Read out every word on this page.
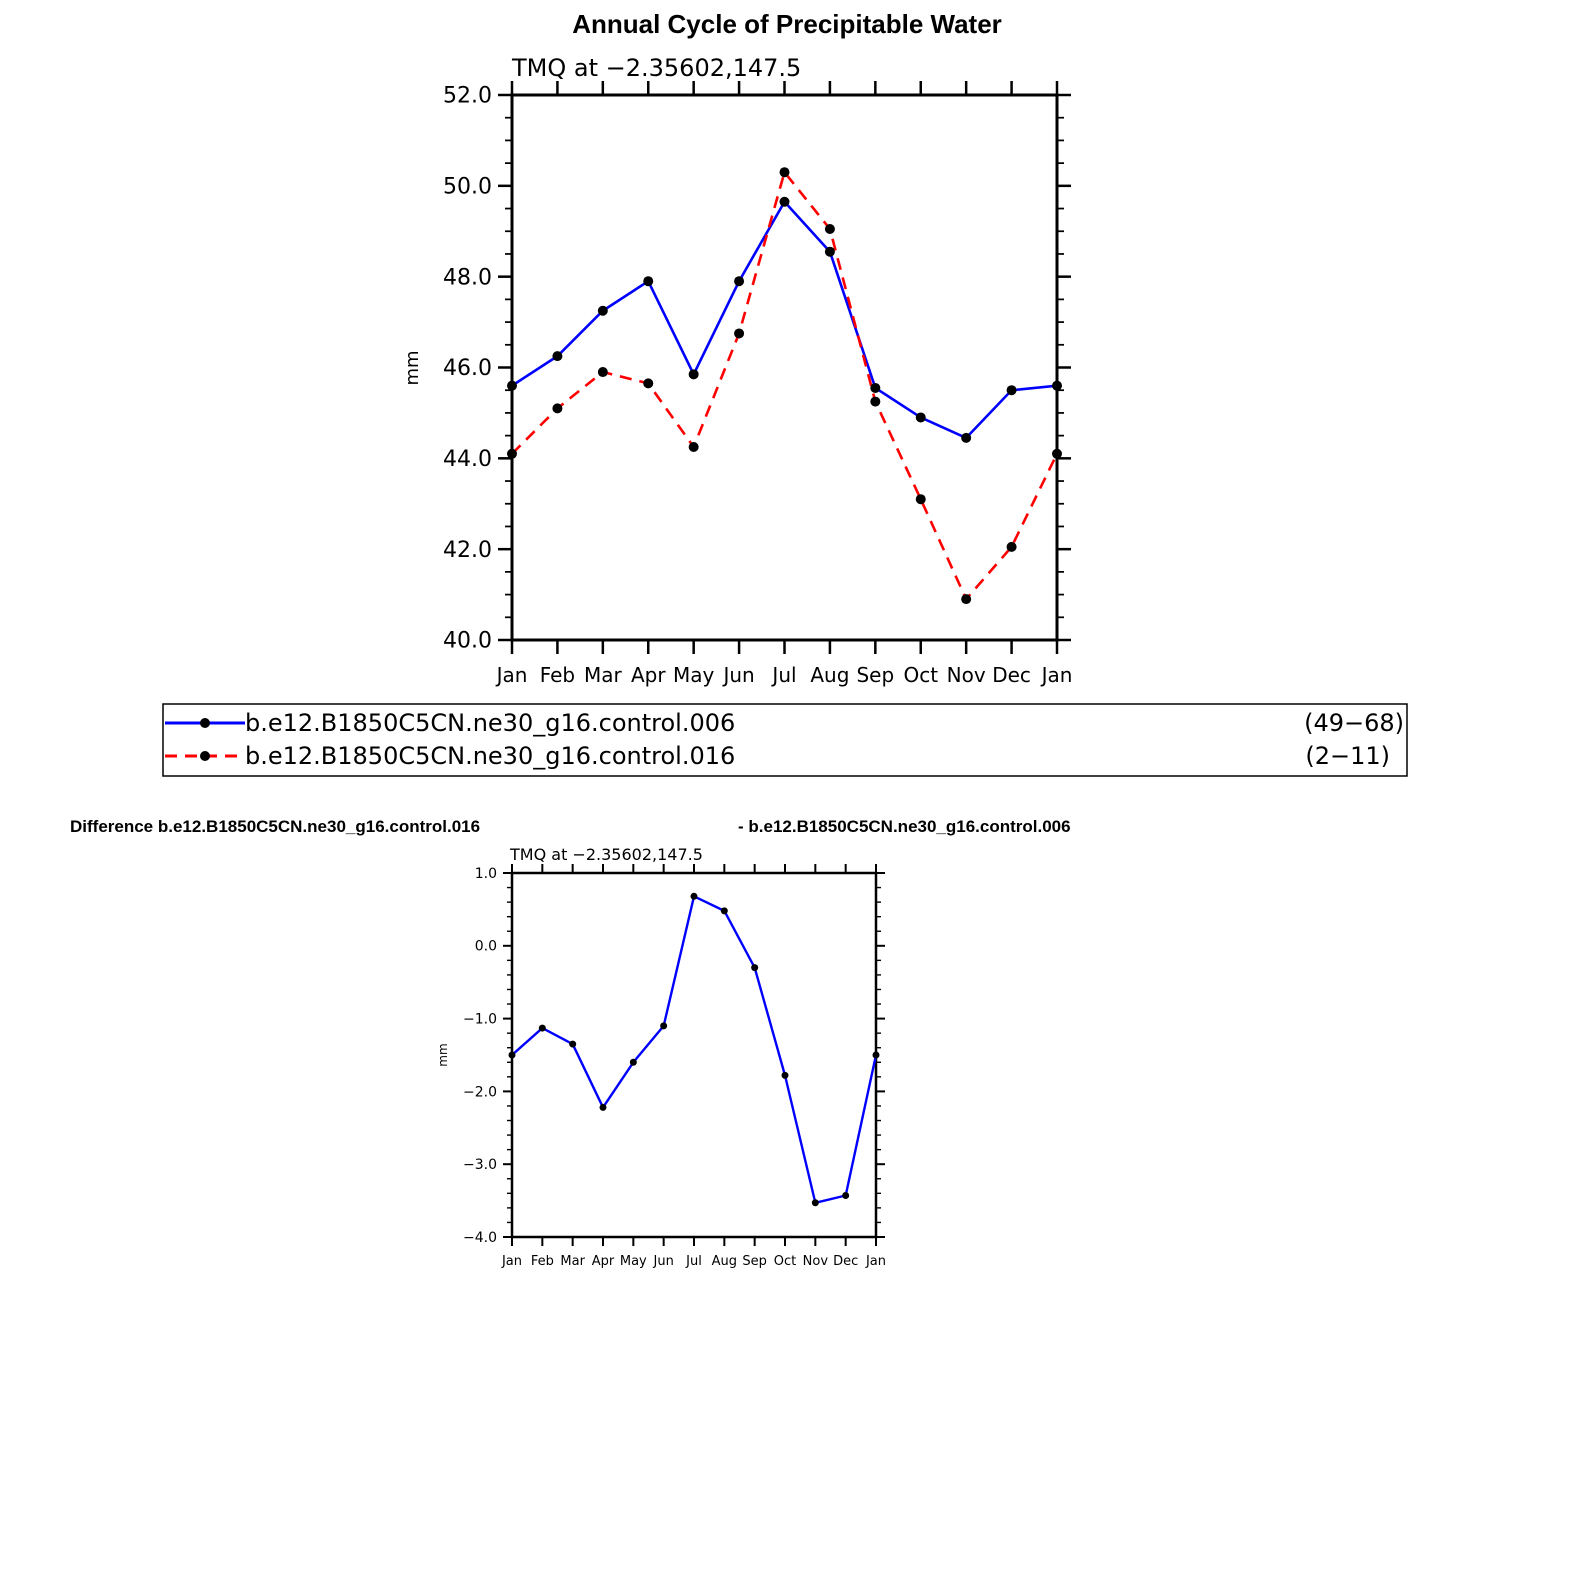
Annual Cycle of Precipitable Water
TMQ at −2.35602,147.5
mm
Jan Feb Mar Apr May Jun Jul Aug Sep Oct Nov Dec Jan
40.0
42.0
44.0
46.0
48.0
50.0
52.0
b.e12.B1850C5CN.ne30_g16.control.006	(49−68)
b.e12.B1850C5CN.ne30_g16.control.016	(2−11)
Difference b.e12.B1850C5CN.ne30_g16.control.016	- b.e12.B1850C5CN.ne30_g16.control.006
TMQ at −2.35602,147.5
mm
Jan Feb Mar Apr May Jun Jul Aug Sep Oct Nov Dec Jan
−4.0
−3.0
−2.0
−1.0
0.0
1.0
